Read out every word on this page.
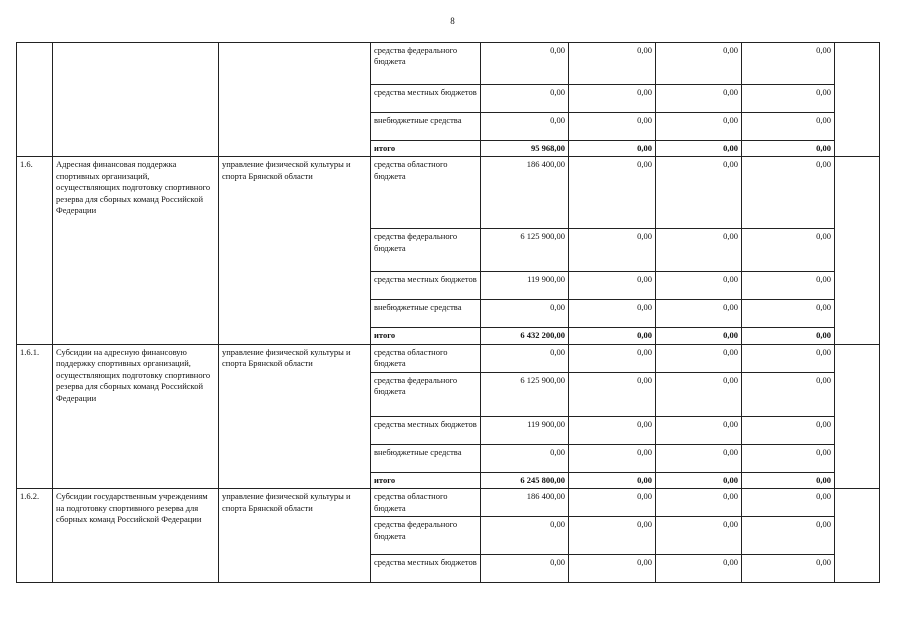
8
			средства федерального бюджета	0,00	0,00	0,00	0,00	
			средства местных бюджетов	0,00	0,00	0,00	0,00	
			внебюджетные средства	0,00	0,00	0,00	0,00	
			итого	95 968,00	0,00	0,00	0,00	
1.6.	Адресная финансовая поддержка спортивных организаций, осуществляющих подготовку спортивного резерва для сборных команд Российской Федерации	управление физической культуры и спорта Брянской области	средства областного бюджета	186 400,00	0,00	0,00	0,00	
			средства федерального бюджета	6 125 900,00	0,00	0,00	0,00	
			средства местных бюджетов	119 900,00	0,00	0,00	0,00	
			внебюджетные средства	0,00	0,00	0,00	0,00	
			итого	6 432 200,00	0,00	0,00	0,00	
1.6.1.	Субсидии на адресную финансовую поддержку спортивных организаций, осуществляющих подготовку спортивного резерва для сборных команд Российской Федерации	управление физической культуры и спорта Брянской области	средства областного бюджета	0,00	0,00	0,00	0,00	
			средства федерального бюджета	6 125 900,00	0,00	0,00	0,00	
			средства местных бюджетов	119 900,00	0,00	0,00	0,00	
			внебюджетные средства	0,00	0,00	0,00	0,00	
			итого	6 245 800,00	0,00	0,00	0,00	
1.6.2.	Субсидии государственным учреждениям на подготовку спортивного резерва для сборных команд Российской Федерации	управление физической культуры и спорта Брянской области	средства областного бюджета	186 400,00	0,00	0,00	0,00	
			средства федерального бюджета	0,00	0,00	0,00	0,00	
			средства местных бюджетов	0,00	0,00	0,00	0,00	
